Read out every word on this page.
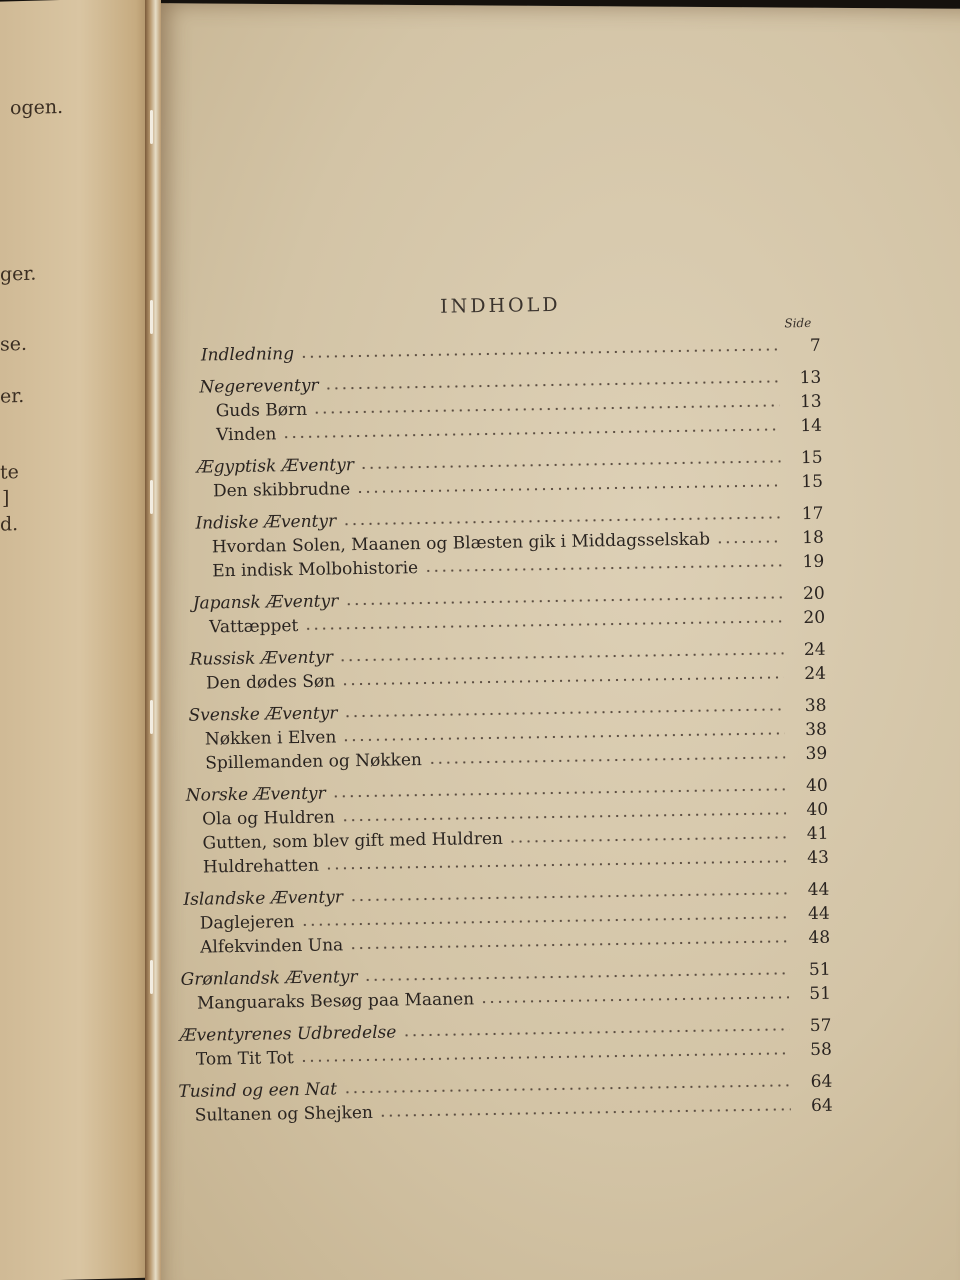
ogen.
ger.
se.
er.
te
]
d.
INDHOLD
Side
Indledning	7
Negereventyr	13
Guds Børn	13
Vinden	14
Ægyptisk Æventyr	15
Den skibbrudne	15
Indiske Æventyr	17
Hvordan Solen, Maanen og Blæsten gik i Middagsselskab	18
En indisk Molbohistorie	19
Japansk Æventyr	20
Vattæppet	20
Russisk Æventyr	24
Den dødes Søn	24
Svenske Æventyr	38
Nøkken i Elven	38
Spillemanden og Nøkken	39
Norske Æventyr	40
Ola og Huldren	40
Gutten, som blev gift med Huldren	41
Huldrehatten	43
Islandske Æventyr	44
Daglejeren	44
Alfekvinden Una	48
Grønlandsk Æventyr	51
Manguaraks Besøg paa Maanen	51
Æventyrenes Udbredelse	57
Tom Tit Tot	58
Tusind og een Nat	64
Sultanen og Shejken	64
